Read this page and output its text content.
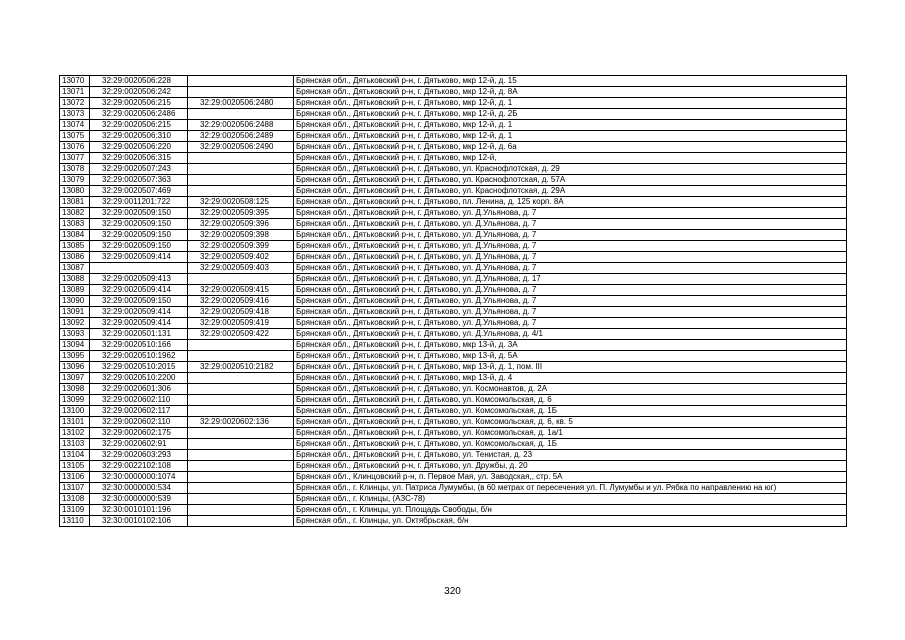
13070	32:29:0020506:228		Брянская обл., Дятьковский р-н, г. Дятьково, мкр 12-й, д. 15
13071	32:29:0020506:242		Брянская обл., Дятьковский р-н, г. Дятьково, мкр 12-й, д. 8А
13072	32:29:0020506:215	32:29:0020506:2480	Брянская обл., Дятьковский р-н, г. Дятьково, мкр 12-й, д. 1
13073	32:29:0020506:2486		Брянская обл., Дятьковский р-н, г. Дятьково, мкр 12-й, д. 2Б
13074	32:29:0020506:215	32:29:0020506:2488	Брянская обл., Дятьковский р-н, г. Дятьково, мкр 12-й, д. 1
13075	32:29:0020506:310	32:29:0020506:2489	Брянская обл., Дятьковский р-н, г. Дятьково, мкр 12-й, д. 1
13076	32:29:0020506:220	32:29:0020506:2490	Брянская обл., Дятьковский р-н, г. Дятьково, мкр 12-й, д. 6а
13077	32:29:0020506:315		Брянская обл., Дятьковский р-н, г. Дятьково, мкр 12-й,
13078	32:29:0020507:243		Брянская обл., Дятьковский р-н, г. Дятьково, ул. Краснофлотская, д. 29
13079	32:29:0020507:363		Брянская обл., Дятьковский р-н, г. Дятьково, ул. Краснофлотская, д. 57А
13080	32:29:0020507:469		Брянская обл., Дятьковский р-н, г. Дятьково, ул. Краснофлотская, д. 29А
13081	32:29:0011201:722	32:29:0020508:125	Брянская обл., Дятьковский р-н, г. Дятьково, пл. Ленина, д. 125 корп. 8А
13082	32:29:0020509:150	32:29:0020509:395	Брянская обл., Дятьковский р-н, г. Дятьково, ул. Д.Ульянова, д. 7
13083	32:29:0020509:150	32:29:0020509:396	Брянская обл., Дятьковский р-н, г. Дятьково, ул. Д.Ульянова, д. 7
13084	32:29:0020509:150	32:29:0020509:398	Брянская обл., Дятьковский р-н, г. Дятьково, ул. Д.Ульянова, д. 7
13085	32:29:0020509:150	32:29:0020509:399	Брянская обл., Дятьковский р-н, г. Дятьково, ул. Д.Ульянова, д. 7
13086	32:29:0020509:414	32:29:0020509:402	Брянская обл., Дятьковский р-н, г. Дятьково, ул. Д.Ульянова, д. 7
13087		32:29:0020509:403	Брянская обл., Дятьковский р-н, г. Дятьково, ул. Д.Ульянова, д. 7
13088	32:29:0020509:413		Брянская обл., Дятьковский р-н, г. Дятьково, ул. Д.Ульянова, д. 17
13089	32:29:0020509:414	32:29:0020509:415	Брянская обл., Дятьковский р-н, г. Дятьково, ул. Д.Ульянова, д. 7
13090	32:29:0020509:150	32:29:0020509:416	Брянская обл., Дятьковский р-н, г. Дятьково, ул. Д.Ульянова, д. 7
13091	32:29:0020509:414	32:29:0020509:418	Брянская обл., Дятьковский р-н, г. Дятьково, ул. Д.Ульянова, д. 7
13092	32:29:0020509:414	32:29:0020509:419	Брянская обл., Дятьковский р-н, г. Дятьково, ул. Д.Ульянова, д. 7
13093	32:29:0020501:131	32:29:0020509:422	Брянская обл., Дятьковский р-н, г. Дятьково, ул. Д.Ульянова, д. 4/1
13094	32:29:0020510:166		Брянская обл., Дятьковский р-н, г. Дятьково, мкр 13-й, д. 3А
13095	32:29:0020510:1962		Брянская обл., Дятьковский р-н, г. Дятьково, мкр 13-й, д. 5А
13096	32:29:0020510:2015	32:29:0020510:2182	Брянская обл., Дятьковский р-н, г. Дятьково, мкр 13-й, д. 1, пом. III
13097	32:29:0020510:2200		Брянская обл., Дятьковский р-н, г. Дятьково, мкр 13-й, д. 4
13098	32:29:0020601:306		Брянская обл., Дятьковский р-н, г. Дятьково, ул. Космонавтов, д. 2А
13099	32:29:0020602:110		Брянская обл., Дятьковский р-н, г. Дятьково, ул. Комсомольская, д. 6
13100	32:29:0020602:117		Брянская обл., Дятьковский р-н, г. Дятьково, ул. Комсомольская, д. 1Б
13101	32:29:0020602:110	32:29:0020602:136	Брянская обл., Дятьковский р-н, г. Дятьково, ул. Комсомольская, д. 6, кв. 5
13102	32:29:0020602:175		Брянская обл., Дятьковский р-н, г. Дятьково, ул. Комсомольская, д. 1а/1
13103	32:29:0020602:91		Брянская обл., Дятьковский р-н, г. Дятьково, ул. Комсомольская, д. 1Б
13104	32:29:0020603:293		Брянская обл., Дятьковский р-н, г. Дятьково, ул. Тенистая, д. 23
13105	32:29:0022102:108		Брянская обл., Дятьковский р-н, г. Дятьково, ул. Дружбы, д. 20
13106	32:30:0000000:1074		Брянская обл., Клинцовский р-н, п. Первое Мая, ул. Заводская,, стр. 5А
13107	32:30:0000000:534		Брянская обл., г. Клинцы, ул. Патриса Лумумбы, (в 60 метрах от пересечения ул. П. Лумумбы и ул. Рябка по направлению на юг)
13108	32:30:0000000:539		Брянская обл., г. Клинцы, (АЗС-78)
13109	32:30:0010101:196		Брянская обл., г. Клинцы, ул. Площадь Свободы, б/н
13110	32:30:0010102:106		Брянская обл., г. Клинцы, ул. Октябрьская, б/н
320
